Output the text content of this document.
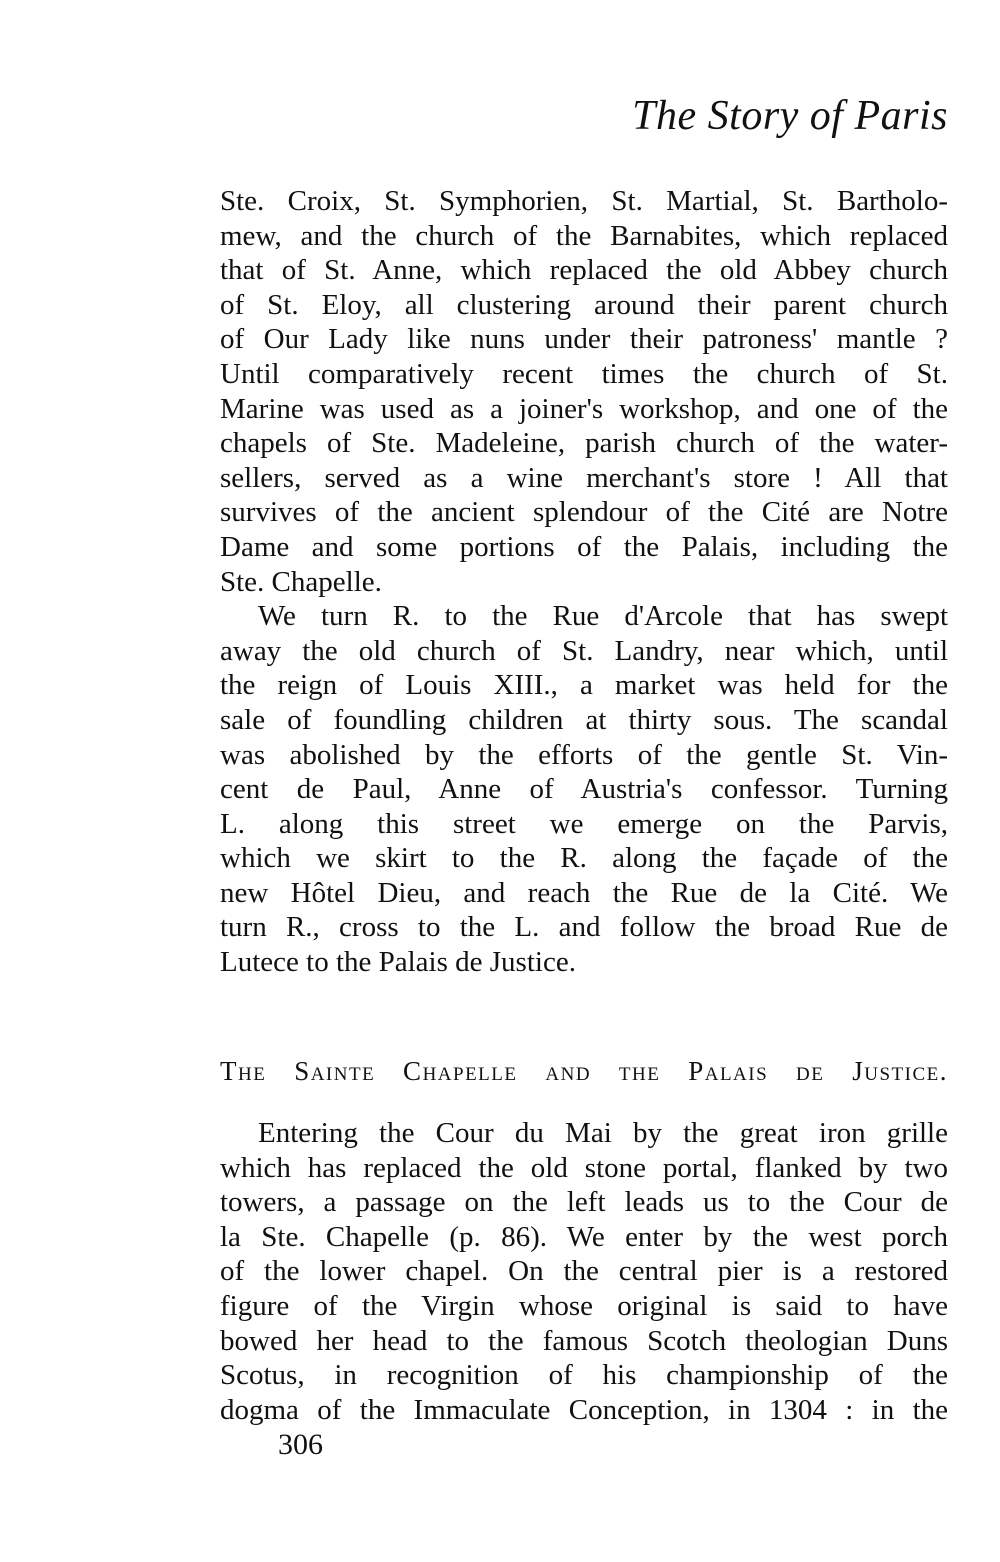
The Story of Paris
Ste. Croix, St. Symphorien, St. Martial, St. Bartholo-
mew, and the church of the Barnabites, which replaced
that of St. Anne, which replaced the old Abbey church
of St. Eloy, all clustering around their parent church
of Our Lady like nuns under their patroness' mantle ?
Until comparatively recent times the church of St.
Marine was used as a joiner's workshop, and one of the
chapels of Ste. Madeleine, parish church of the water-
sellers, served as a wine merchant's store ! All that
survives of the ancient splendour of the Cité are Notre
Dame and some portions of the Palais, including the
Ste. Chapelle.
We turn R. to the Rue d'Arcole that has swept
away the old church of St. Landry, near which, until
the reign of Louis XIII., a market was held for the
sale of foundling children at thirty sous. The scandal
was abolished by the efforts of the gentle St. Vin-
cent de Paul, Anne of Austria's confessor. Turning
L. along this street we emerge on the Parvis,
which we skirt to the R. along the façade of the
new Hôtel Dieu, and reach the Rue de la Cité. We
turn R., cross to the L. and follow the broad Rue de
Lutece to the Palais de Justice.
The Sainte Chapelle and the Palais de Justice.
Entering the Cour du Mai by the great iron grille
which has replaced the old stone portal, flanked by two
towers, a passage on the left leads us to the Cour de
la Ste. Chapelle (p. 86). We enter by the west porch
of the lower chapel. On the central pier is a restored
figure of the Virgin whose original is said to have
bowed her head to the famous Scotch theologian Duns
Scotus, in recognition of his championship of the
dogma of the Immaculate Conception, in 1304 : in the
306
